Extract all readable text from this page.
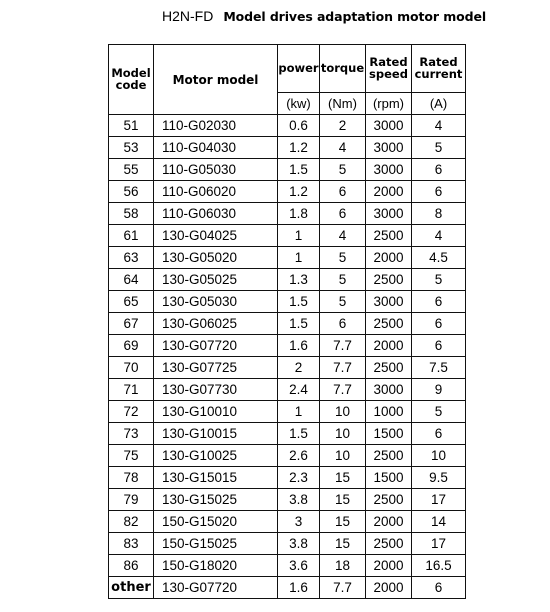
H2N-FD Model drives adaptation motor model
Model code	Motor model	power	torque	Rated speed	Rated current
		(kw)	(Nm)	(rpm)	(A)
51	110-G02030	0.6	2	3000	4
53	110-G04030	1.2	4	3000	5
55	110-G05030	1.5	5	3000	6
56	110-G06020	1.2	6	2000	6
58	110-G06030	1.8	6	3000	8
61	130-G04025	1	4	2500	4
63	130-G05020	1	5	2000	4.5
64	130-G05025	1.3	5	2500	5
65	130-G05030	1.5	5	3000	6
67	130-G06025	1.5	6	2500	6
69	130-G07720	1.6	7.7	2000	6
70	130-G07725	2	7.7	2500	7.5
71	130-G07730	2.4	7.7	3000	9
72	130-G10010	1	10	1000	5
73	130-G10015	1.5	10	1500	6
75	130-G10025	2.6	10	2500	10
78	130-G15015	2.3	15	1500	9.5
79	130-G15025	3.8	15	2500	17
82	150-G15020	3	15	2000	14
83	150-G15025	3.8	15	2500	17
86	150-G18020	3.6	18	2000	16.5
other	130-G07720	1.6	7.7	2000	6
